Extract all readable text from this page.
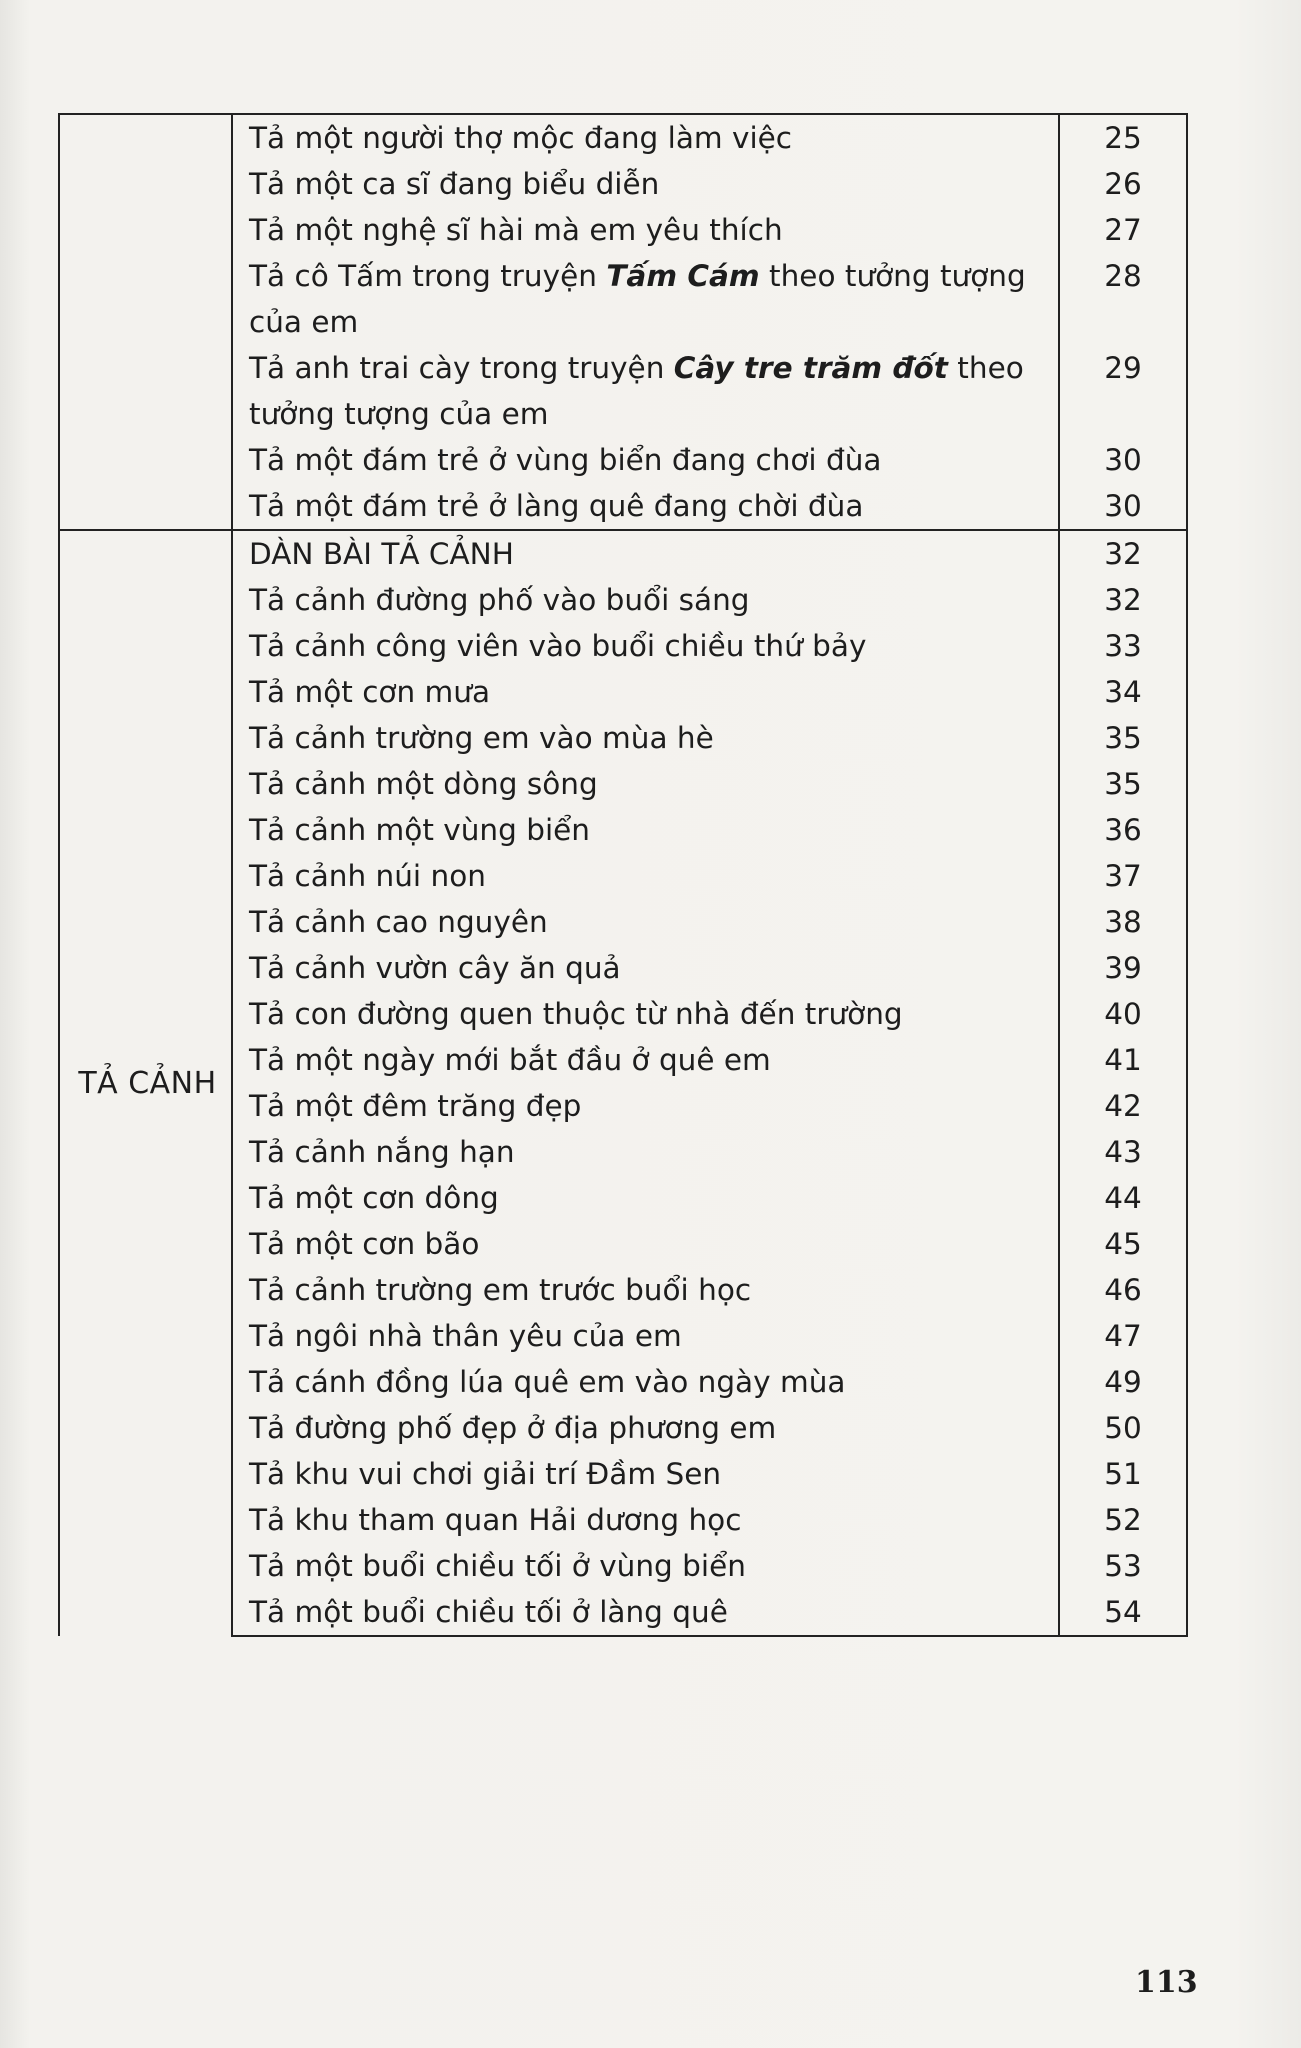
	Tả một người thợ mộc đang làm việc	25

	Tả một ca sĩ đang biểu diễn	26

	Tả một nghệ sĩ hài mà em yêu thích	27

	Tả cô Tấm trong truyện Tấm Cám theo tưởng tượng của em	28

	Tả anh trai cày trong truyện Cây tre trăm đốt theo tưởng tượng của em	29

	Tả một đám trẻ ở vùng biển đang chơi đùa	30

	Tả một đám trẻ ở làng quê đang chời đùa	30

TẢ CẢNH	DÀN BÀI TẢ CẢNH	32

	Tả cảnh đường phố vào buổi sáng	32

	Tả cảnh công viên vào buổi chiều thứ bảy	33

	Tả một cơn mưa	34

	Tả cảnh trường em vào mùa hè	35

	Tả cảnh một dòng sông	35

	Tả cảnh một vùng biển	36

	Tả cảnh núi non	37

	Tả cảnh cao nguyên	38

	Tả cảnh vườn cây ăn quả	39

	Tả con đường quen thuộc từ nhà đến trường	40

	Tả một ngày mới bắt đầu ở quê em	41

	Tả một đêm trăng đẹp	42

	Tả cảnh nắng hạn	43

	Tả một cơn dông	44

	Tả một cơn bão	45

	Tả cảnh trường em trước buổi học	46

	Tả ngôi nhà thân yêu của em	47

	Tả cánh đồng lúa quê em vào ngày mùa	49

	Tả đường phố đẹp ở địa phương em	50

	Tả khu vui chơi giải trí Đầm Sen	51

	Tả khu tham quan Hải dương học	52

	Tả một buổi chiều tối ở vùng biển	53

	Tả một buổi chiều tối ở làng quê	54
113
